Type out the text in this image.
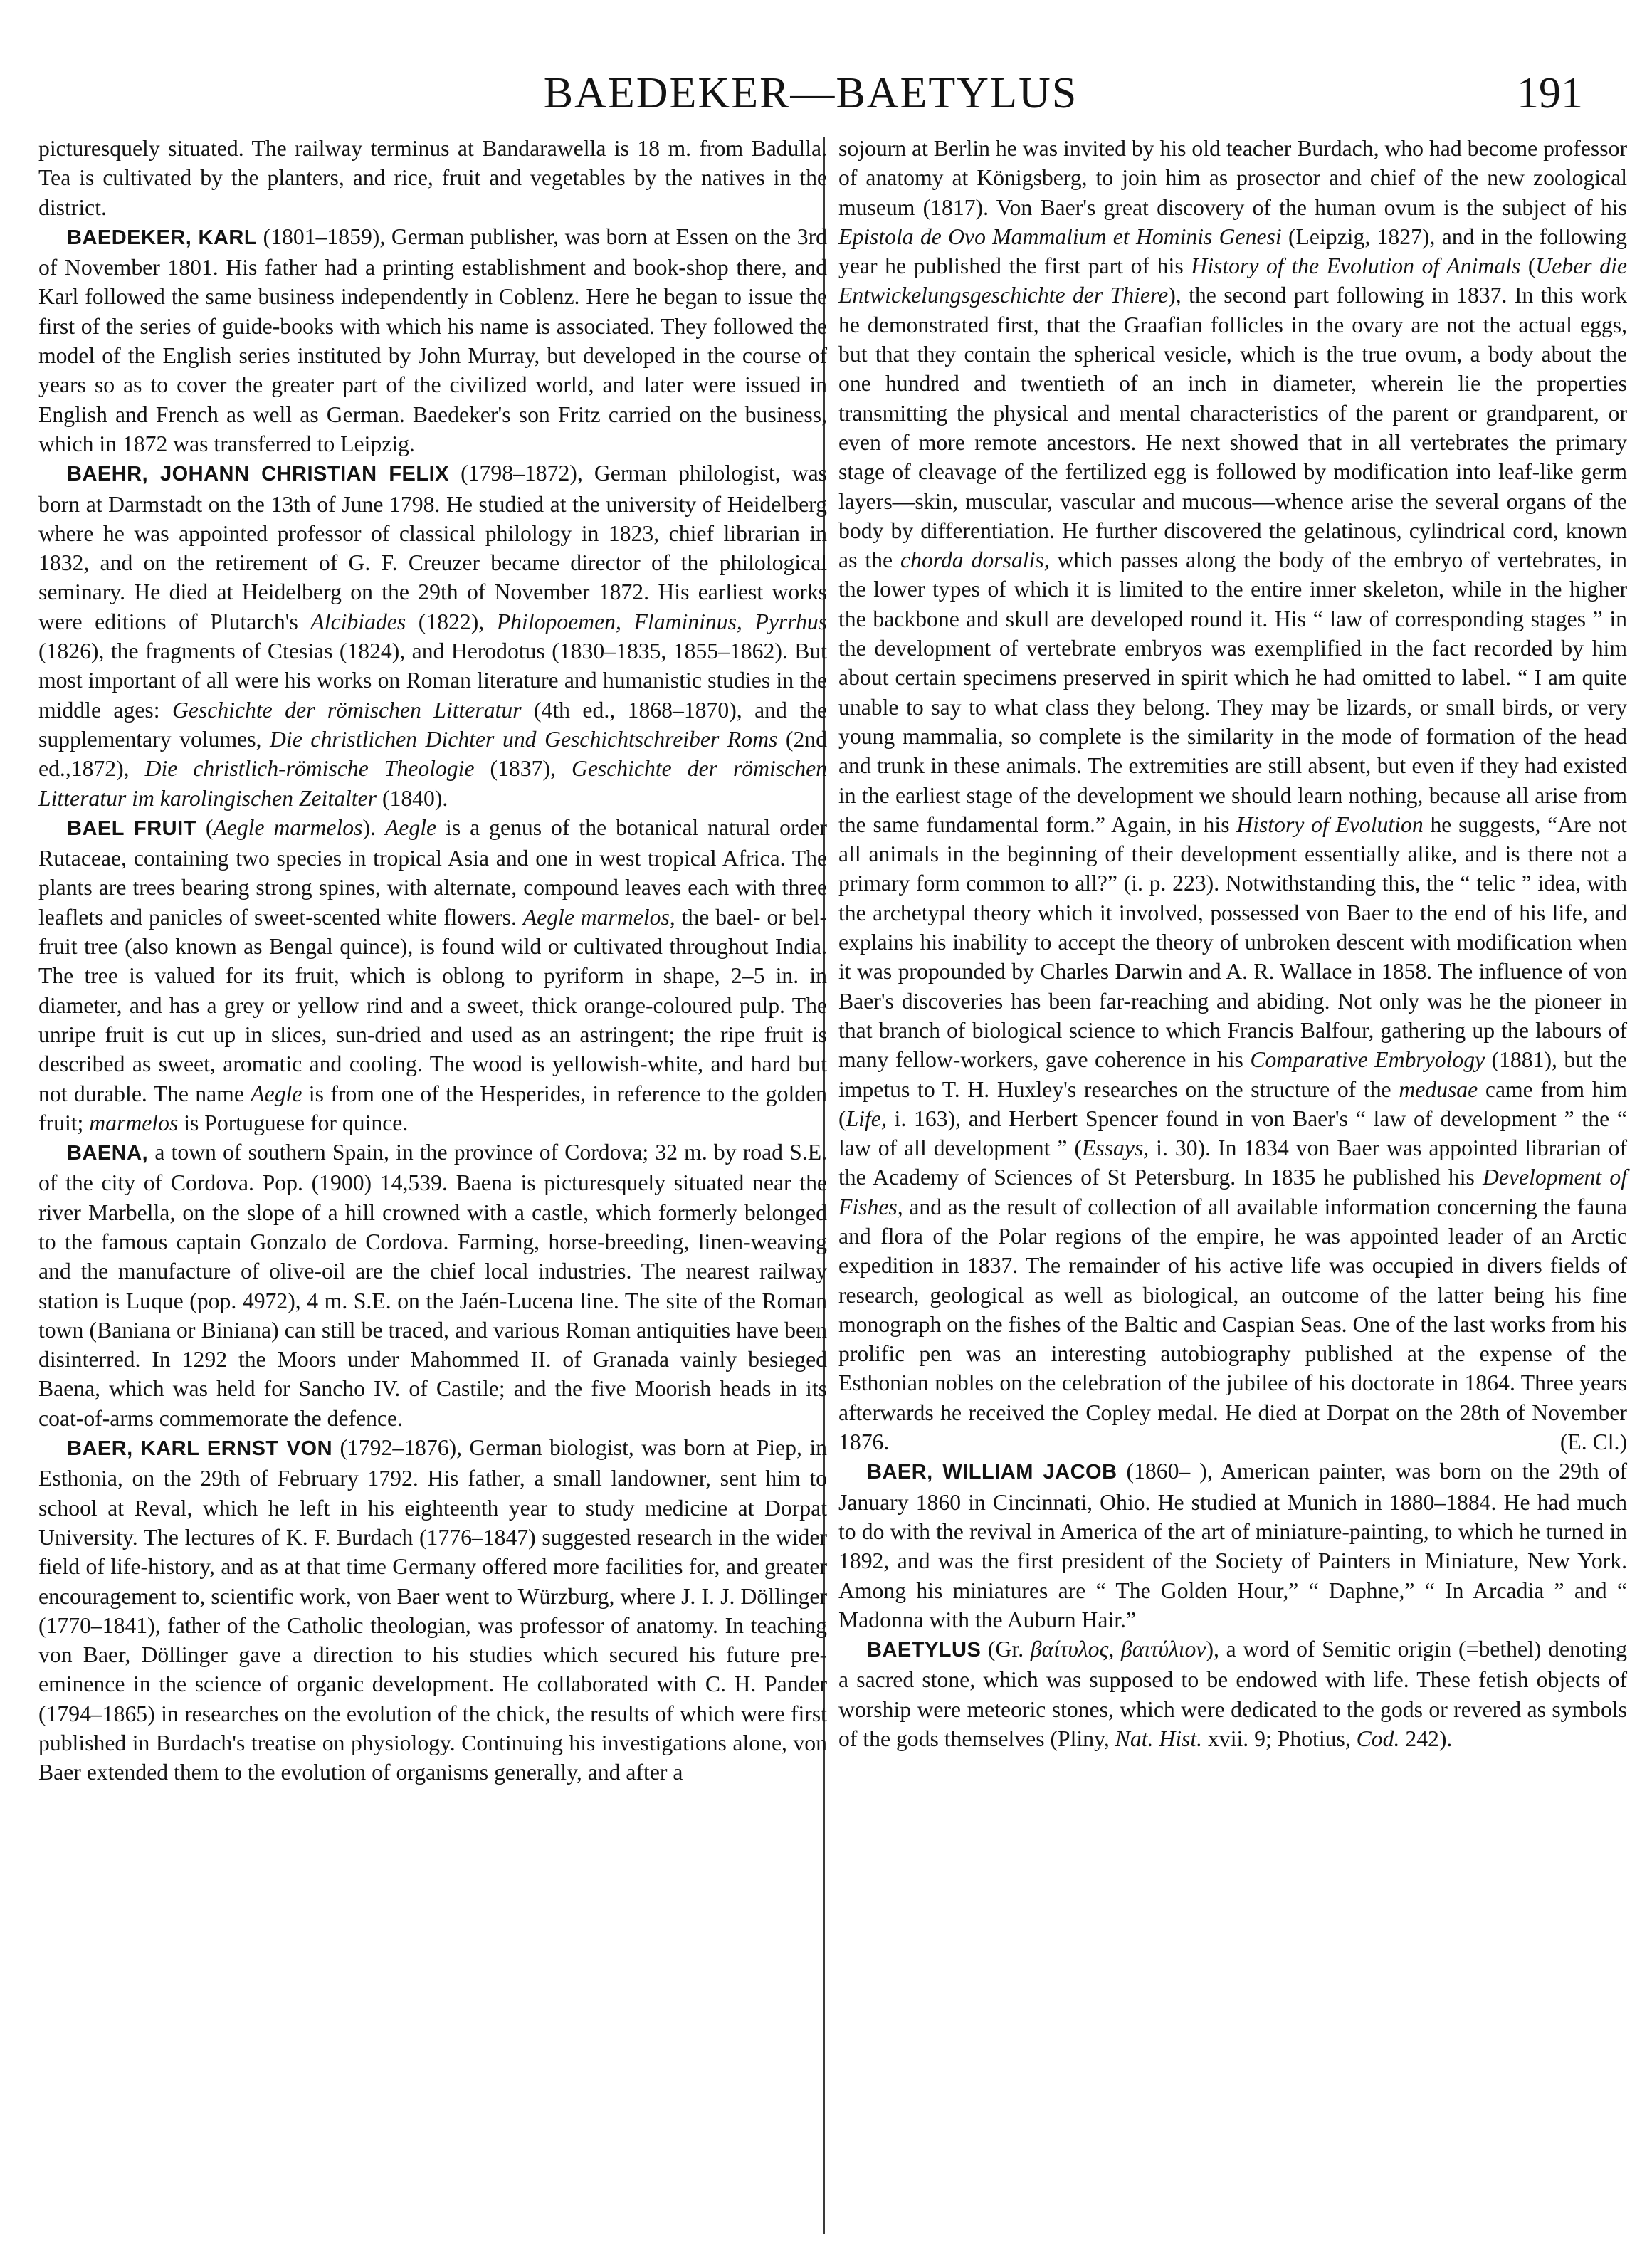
BAEDEKER—BAETYLUS	191

picturesquely situated. The railway terminus at Bandarawella is 18 m. from Badulla. Tea is cultivated by the planters, and rice, fruit and vegetables by the natives in the district.

BAEDEKER, KARL (1801–1859), German publisher, was born at Essen on the 3rd of November 1801. His father had a printing establishment and book-shop there, and Karl followed the same business independently in Coblenz. Here he began to issue the first of the series of guide-books with which his name is associated. They followed the model of the English series instituted by John Murray, but developed in the course of years so as to cover the greater part of the civilized world, and later were issued in English and French as well as German. Baedeker's son Fritz carried on the business, which in 1872 was transferred to Leipzig.

BAEHR, JOHANN CHRISTIAN FELIX (1798–1872), German philologist, was born at Darmstadt on the 13th of June 1798. He studied at the university of Heidelberg where he was appointed professor of classical philology in 1823, chief librarian in 1832, and on the retirement of G. F. Creuzer became director of the philological seminary. He died at Heidelberg on the 29th of November 1872. His earliest works were editions of Plutarch's Alcibiades (1822), Philopoemen, Flamininus, Pyrrhus (1826), the fragments of Ctesias (1824), and Herodotus (1830–1835, 1855–1862). But most important of all were his works on Roman literature and humanistic studies in the middle ages: Geschichte der römischen Litteratur (4th ed., 1868–1870), and the supplementary volumes, Die christlichen Dichter und Geschichtschreiber Roms (2nd ed.,1872), Die christlich-römische Theologie (1837), Geschichte der römischen Litteratur im karolingischen Zeitalter (1840).

BAEL FRUIT (Aegle marmelos). Aegle is a genus of the botanical natural order Rutaceae, containing two species in tropical Asia and one in west tropical Africa. The plants are trees bearing strong spines, with alternate, compound leaves each with three leaflets and panicles of sweet-scented white flowers. Aegle marmelos, the bael- or bel-fruit tree (also known as Bengal quince), is found wild or cultivated throughout India. The tree is valued for its fruit, which is oblong to pyriform in shape, 2–5 in. in diameter, and has a grey or yellow rind and a sweet, thick orange-coloured pulp. The unripe fruit is cut up in slices, sun-dried and used as an astringent; the ripe fruit is described as sweet, aromatic and cooling. The wood is yellowish-white, and hard but not durable. The name Aegle is from one of the Hesperides, in reference to the golden fruit; marmelos is Portuguese for quince.

BAENA, a town of southern Spain, in the province of Cordova; 32 m. by road S.E. of the city of Cordova. Pop. (1900) 14,539. Baena is picturesquely situated near the river Marbella, on the slope of a hill crowned with a castle, which formerly belonged to the famous captain Gonzalo de Cordova. Farming, horse-breeding, linen-weaving and the manufacture of olive-oil are the chief local industries. The nearest railway station is Luque (pop. 4972), 4 m. S.E. on the Jaén-Lucena line. The site of the Roman town (Baniana or Biniana) can still be traced, and various Roman antiquities have been disinterred. In 1292 the Moors under Mahommed II. of Granada vainly besieged Baena, which was held for Sancho IV. of Castile; and the five Moorish heads in its coat-of-arms commemorate the defence.

BAER, KARL ERNST VON (1792–1876), German biologist, was born at Piep, in Esthonia, on the 29th of February 1792. His father, a small landowner, sent him to school at Reval, which he left in his eighteenth year to study medicine at Dorpat University. The lectures of K. F. Burdach (1776–1847) suggested research in the wider field of life-history, and as at that time Germany offered more facilities for, and greater encouragement to, scientific work, von Baer went to Würzburg, where J. I. J. Döllinger (1770–1841), father of the Catholic theologian, was professor of anatomy. In teaching von Baer, Döllinger gave a direction to his studies which secured his future pre-eminence in the science of organic development. He collaborated with C. H. Pander (1794–1865) in researches on the evolution of the chick, the results of which were first published in Burdach's treatise on physiology. Continuing his investigations alone, von Baer extended them to the evolution of organisms generally, and after a

sojourn at Berlin he was invited by his old teacher Burdach, who had become professor of anatomy at Königsberg, to join him as prosector and chief of the new zoological museum (1817). Von Baer's great discovery of the human ovum is the subject of his Epistola de Ovo Mammalium et Hominis Genesi (Leipzig, 1827), and in the following year he published the first part of his History of the Evolution of Animals (Ueber die Entwickelungsgeschichte der Thiere), the second part following in 1837. In this work he demonstrated first, that the Graafian follicles in the ovary are not the actual eggs, but that they contain the spherical vesicle, which is the true ovum, a body about the one hundred and twentieth of an inch in diameter, wherein lie the properties transmitting the physical and mental characteristics of the parent or grandparent, or even of more remote ancestors. He next showed that in all vertebrates the primary stage of cleavage of the fertilized egg is followed by modification into leaf-like germ layers—skin, muscular, vascular and mucous—whence arise the several organs of the body by differentiation. He further discovered the gelatinous, cylindrical cord, known as the chorda dorsalis, which passes along the body of the embryo of vertebrates, in the lower types of which it is limited to the entire inner skeleton, while in the higher the backbone and skull are developed round it. His “ law of corresponding stages ” in the development of vertebrate embryos was exemplified in the fact recorded by him about certain specimens preserved in spirit which he had omitted to label. “ I am quite unable to say to what class they belong. They may be lizards, or small birds, or very young mammalia, so complete is the similarity in the mode of formation of the head and trunk in these animals. The extremities are still absent, but even if they had existed in the earliest stage of the development we should learn nothing, because all arise from the same fundamental form.” Again, in his History of Evolution he suggests, “Are not all animals in the beginning of their development essentially alike, and is there not a primary form common to all?” (i. p. 223). Notwithstanding this, the “ telic ” idea, with the archetypal theory which it involved, possessed von Baer to the end of his life, and explains his inability to accept the theory of unbroken descent with modification when it was propounded by Charles Darwin and A. R. Wallace in 1858. The influence of von Baer's discoveries has been far-reaching and abiding. Not only was he the pioneer in that branch of biological science to which Francis Balfour, gathering up the labours of many fellow-workers, gave coherence in his Comparative Embryology (1881), but the impetus to T. H. Huxley's researches on the structure of the medusae came from him (Life, i. 163), and Herbert Spencer found in von Baer's “ law of development ” the “ law of all development ” (Essays, i. 30). In 1834 von Baer was appointed librarian of the Academy of Sciences of St Petersburg. In 1835 he published his Development of Fishes, and as the result of collection of all available information concerning the fauna and flora of the Polar regions of the empire, he was appointed leader of an Arctic expedition in 1837. The remainder of his active life was occupied in divers fields of research, geological as well as biological, an outcome of the latter being his fine monograph on the fishes of the Baltic and Caspian Seas. One of the last works from his prolific pen was an interesting autobiography published at the expense of the Esthonian nobles on the celebration of the jubilee of his doctorate in 1864. Three years afterwards he received the Copley medal. He died at Dorpat on the 28th of November 1876.	(E. Cl.)

BAER, WILLIAM JACOB (1860– ), American painter, was born on the 29th of January 1860 in Cincinnati, Ohio. He studied at Munich in 1880–1884. He had much to do with the revival in America of the art of miniature-painting, to which he turned in 1892, and was the first president of the Society of Painters in Miniature, New York. Among his miniatures are “ The Golden Hour,” “ Daphne,” “ In Arcadia ” and “ Madonna with the Auburn Hair.”

BAETYLUS (Gr. βαίτυλος, βαιτύλιον), a word of Semitic origin (=bethel) denoting a sacred stone, which was supposed to be endowed with life. These fetish objects of worship were meteoric stones, which were dedicated to the gods or revered as symbols of the gods themselves (Pliny, Nat. Hist. xvii. 9; Photius, Cod. 242).
